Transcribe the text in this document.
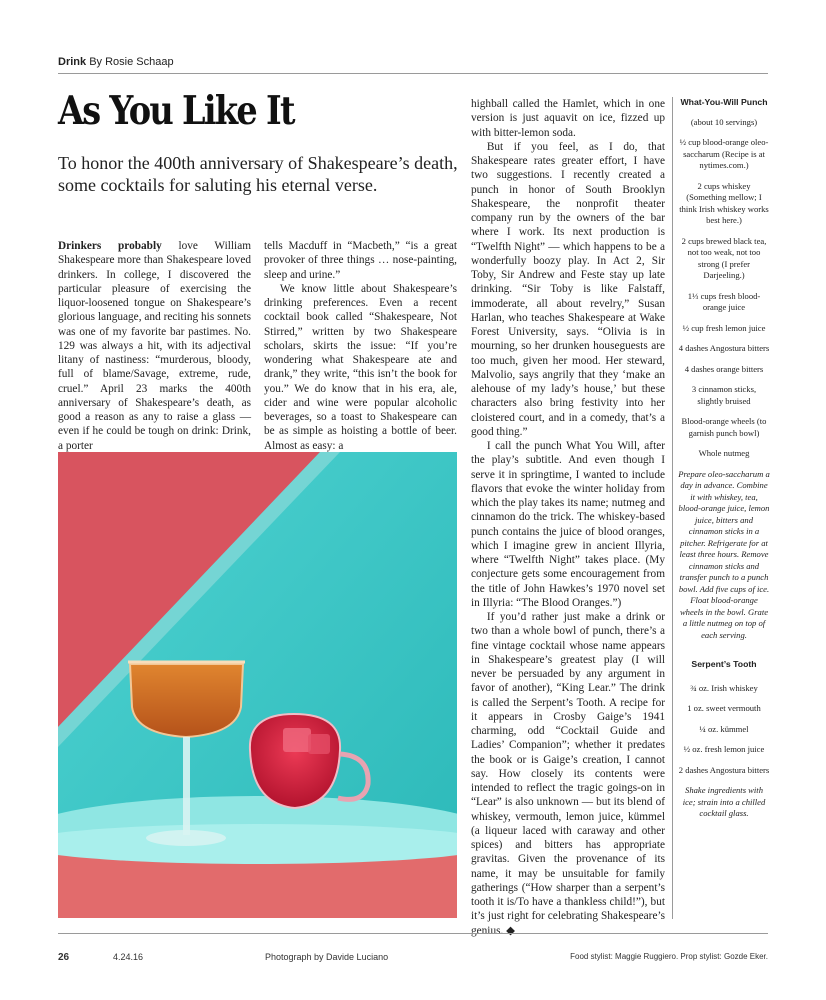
Drink By Rosie Schaap
As You Like It
To honor the 400th anniversary of Shakespeare’s death, some cocktails for saluting his eternal verse.

Drinkers probably love William Shakespeare more than Shakespeare loved drinkers. In college, I discovered the particular pleasure of exercising the liquor-loosened tongue on Shakespeare’s glorious language, and reciting his sonnets was one of my favorite bar pastimes. No. 129 was always a hit, with its adjectival litany of nastiness: “murderous, bloody, full of blame/Savage, extreme, rude, cruel.” April 23 marks the 400th anniversary of Shakespeare’s death, as good a reason as any to raise a glass — even if he could be tough on drink: Drink, a porter

tells Macduff in “Macbeth,” “is a great provoker of three things … nose-painting, sleep and urine.”

We know little about Shakespeare’s drinking preferences. Even a recent cocktail book called “Shakespeare, Not Stirred,” written by two Shakespeare scholars, skirts the issue: “If you’re wondering what Shakespeare ate and drank,” they write, “this isn’t the book for you.” We do know that in his era, ale, cider and wine were popular alcoholic beverages, so a toast to Shakespeare can be as simple as hoisting a bottle of beer. Almost as easy: a

highball called the Hamlet, which in one version is just aquavit on ice, fizzed up with bitter-lemon soda.

But if you feel, as I do, that Shakespeare rates greater effort, I have two suggestions. I recently created a punch in honor of South Brooklyn Shakespeare, the nonprofit theater company run by the owners of the bar where I work. Its next production is “Twelfth Night” — which happens to be a wonderfully boozy play. In Act 2, Sir Toby, Sir Andrew and Feste stay up late drinking. “Sir Toby is like Falstaff, immoderate, all about revelry,” Susan Harlan, who teaches Shakespeare at Wake Forest University, says. “Olivia is in mourning, so her drunken houseguests are too much, given her mood. Her steward, Malvolio, says angrily that they ‘make an alehouse of my lady’s house,’ but these characters also bring festivity into her cloistered court, and in a comedy, that’s a good thing.”

I call the punch What You Will, after the play’s subtitle. And even though I serve it in springtime, I wanted to include flavors that evoke the winter holiday from which the play takes its name; nutmeg and cinnamon do the trick. The whiskey-based punch contains the juice of blood oranges, which I imagine grew in ancient Illyria, where “Twelfth Night” takes place. (My conjecture gets some encouragement from the title of John Hawkes’s 1970 novel set in Illyria: “The Blood Oranges.”)

If you’d rather just make a drink or two than a whole bowl of punch, there’s a fine vintage cocktail whose name appears in Shakespeare’s greatest play (I will never be persuaded by any argument in favor of another), “King Lear.” The drink is called the Serpent’s Tooth. A recipe for it appears in Crosby Gaige’s 1941 charming, odd “Cocktail Guide and Ladies’ Companion”; whether it predates the book or is Gaige’s creation, I cannot say. How closely its contents were intended to reflect the tragic goings-on in “Lear” is also unknown — but its blend of whiskey, vermouth, lemon juice, kümmel (a liqueur laced with caraway and other spices) and bitters has appropriate gravitas. Given the provenance of its name, it may be unsuitable for family gatherings (“How sharper than a serpent’s tooth it is/To have a thankless child!”), but it’s just right for celebrating Shakespeare’s genius. ◆

What-You-Will Punch

(about 10 servings)

½ cup blood-orange oleo-saccharum (Recipe is at nytimes.com.)

2 cups whiskey (Something mellow; I think Irish whiskey works best here.)

2 cups brewed black tea, not too weak, not too strong (I prefer Darjeeling.)

1⅓ cups fresh blood-orange juice

½ cup fresh lemon juice

4 dashes Angostura bitters

4 dashes orange bitters

3 cinnamon sticks, slightly bruised

Blood-orange wheels (to garnish punch bowl)

Whole nutmeg

Prepare oleo-saccharum a day in advance. Combine it with whiskey, tea, blood-orange juice, lemon juice, bitters and cinnamon sticks in a pitcher. Refrigerate for at least three hours. Remove cinnamon sticks and transfer punch to a punch bowl. Add five cups of ice. Float blood-orange wheels in the bowl. Grate a little nutmeg on top of each serving.

Serpent’s Tooth

¾ oz. Irish whiskey

1 oz. sweet vermouth

¼ oz. kümmel

½ oz. fresh lemon juice

2 dashes Angostura bitters

Shake ingredients with ice; strain into a chilled cocktail glass.

26	4.24.16	Photograph by Davide Luciano	Food stylist: Maggie Ruggiero. Prop stylist: Gozde Eker.
